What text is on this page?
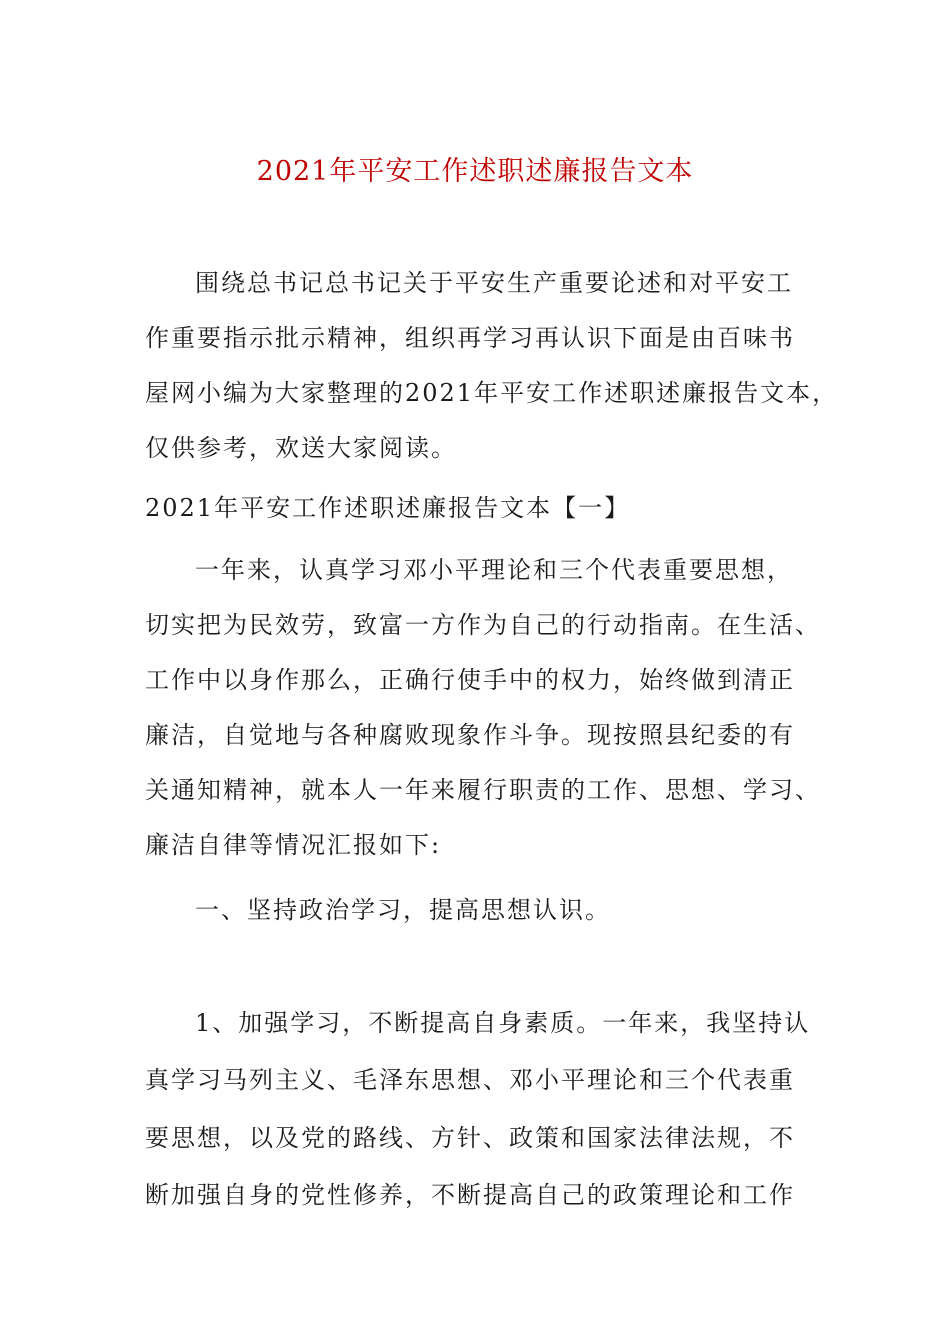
2021年平安工作述职述廉报告文本
围绕总书记总书记关于平安生产重要论述和对平安工
作重要指示批示精神，组织再学习再认识下面是由百味书
屋网小编为大家整理的2021年平安工作述职述廉报告文本，
仅供参考，欢送大家阅读。
2021年平安工作述职述廉报告文本【一】
一年来，认真学习邓小平理论和三个代表重要思想，
切实把为民效劳，致富一方作为自己的行动指南。在生活、
工作中以身作那么，正确行使手中的权力，始终做到清正
廉洁，自觉地与各种腐败现象作斗争。现按照县纪委的有
关通知精神，就本人一年来履行职责的工作、思想、学习、
廉洁自律等情况汇报如下:
一、坚持政治学习，提高思想认识。
1、加强学习，不断提高自身素质。一年来，我坚持认
真学习马列主义、毛泽东思想、邓小平理论和三个代表重
要思想，以及党的路线、方针、政策和国家法律法规，不
断加强自身的党性修养，不断提高自己的政策理论和工作
